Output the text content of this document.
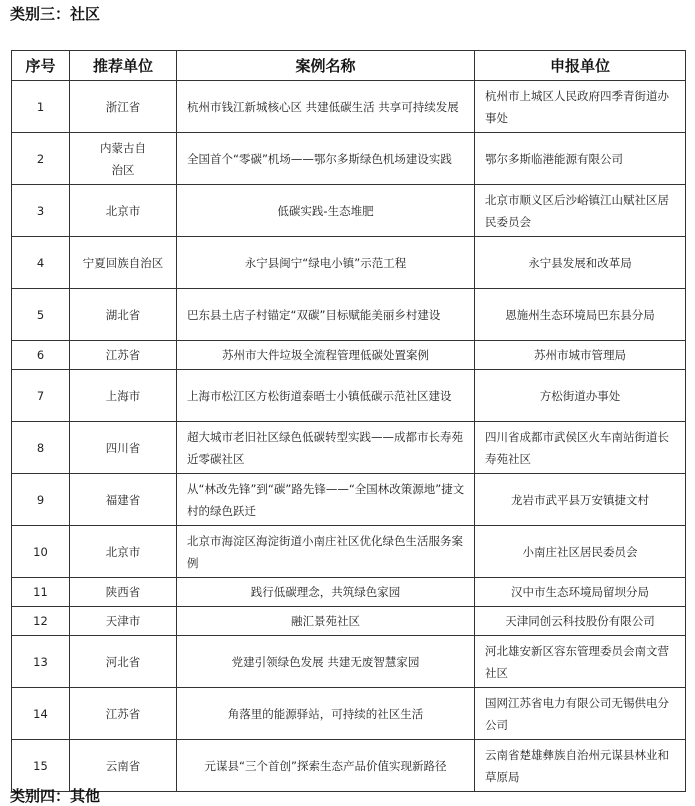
类别三：社区
序号	推荐单位	案例名称	申报单位
1	浙江省	杭州市钱江新城核心区 共建低碳生活 共享可持续发展	杭州市上城区人民政府四季青街道办事处
2	内蒙古自治区	全国首个“零碳”机场——鄂尔多斯绿色机场建设实践	鄂尔多斯临港能源有限公司
3	北京市	低碳实践-生态堆肥	北京市顺义区后沙峪镇江山赋社区居民委员会
4	宁夏回族自治区	永宁县闽宁“绿电小镇”示范工程	永宁县发展和改革局
5	湖北省	巴东县土店子村锚定“双碳”目标赋能美丽乡村建设	恩施州生态环境局巴东县分局
6	江苏省	苏州市大件垃圾全流程管理低碳处置案例	苏州市城市管理局
7	上海市	上海市松江区方松街道泰晤士小镇低碳示范社区建设	方松街道办事处
8	四川省	超大城市老旧社区绿色低碳转型实践——成都市长寿苑近零碳社区	四川省成都市武侯区火车南站街道长寿苑社区
9	福建省	从“林改先锋”到“碳”路先锋——“全国林改策源地”捷文村的绿色跃迁	龙岩市武平县万安镇捷文村
10	北京市	北京市海淀区海淀街道小南庄社区优化绿色生活服务案例	小南庄社区居民委员会
11	陕西省	践行低碳理念，共筑绿色家园	汉中市生态环境局留坝分局
12	天津市	融汇景苑社区	天津同创云科技股份有限公司
13	河北省	党建引领绿色发展 共建无废智慧家园	河北雄安新区容东管理委员会南文营社区
14	江苏省	角落里的能源驿站，可持续的社区生活	国网江苏省电力有限公司无锡供电分公司
15	云南省	元谋县“三个首创”探索生态产品价值实现新路径	云南省楚雄彝族自治州元谋县林业和草原局
类别四：其他
